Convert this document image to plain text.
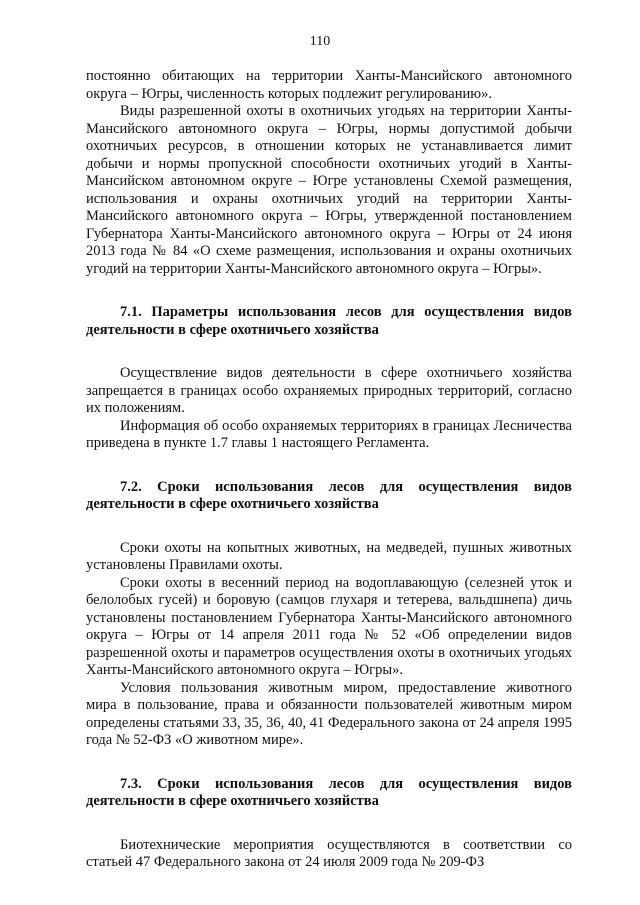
110

постоянно обитающих на территории Ханты-Мансийского автономного округа – Югры, численность которых подлежит регулированию».

Виды разрешенной охоты в охотничьих угодьях на территории Ханты-Мансийского автономного округа – Югры, нормы допустимой добычи охотничьих ресурсов, в отношении которых не устанавливается лимит добычи и нормы пропускной способности охотничьих угодий в Ханты-Мансийском автономном округе – Югре установлены Схемой размещения, использования и охраны охотничьих угодий на территории Ханты-Мансийского автономного округа – Югры, утвержденной постановлением Губернатора Ханты-Мансийского автономного округа – Югры от 24 июня 2013 года № 84 «О схеме размещения, использования и охраны охотничьих угодий на территории Ханты-Мансийского автономного округа – Югры».

7.1. Параметры использования лесов для осуществления видов деятельности в сфере охотничьего хозяйства

Осуществление видов деятельности в сфере охотничьего хозяйства запрещается в границах особо охраняемых природных территорий, согласно их положениям.

Информация об особо охраняемых территориях в границах Лесничества приведена в пункте 1.7 главы 1 настоящего Регламента.

7.2. Сроки использования лесов для осуществления видов деятельности в сфере охотничьего хозяйства

Сроки охоты на копытных животных, на медведей, пушных животных установлены Правилами охоты.

Сроки охоты в весенний период на водоплавающую (селезней уток и белолобых гусей) и боровую (самцов глухаря и тетерева, вальдшнепа) дичь установлены постановлением Губернатора Ханты-Мансийского автономного округа – Югры от 14 апреля 2011 года № 52 «Об определении видов разрешенной охоты и параметров осуществления охоты в охотничьих угодьях Ханты-Мансийского автономного округа – Югры».

Условия пользования животным миром, предоставление животного мира в пользование, права и обязанности пользователей животным миром определены статьями 33, 35, 36, 40, 41 Федерального закона от 24 апреля 1995 года № 52-ФЗ «О животном мире».

7.3. Сроки использования лесов для осуществления видов деятельности в сфере охотничьего хозяйства

Биотехнические мероприятия осуществляются в соответствии со статьей 47 Федерального закона от 24 июля 2009 года № 209-ФЗ
